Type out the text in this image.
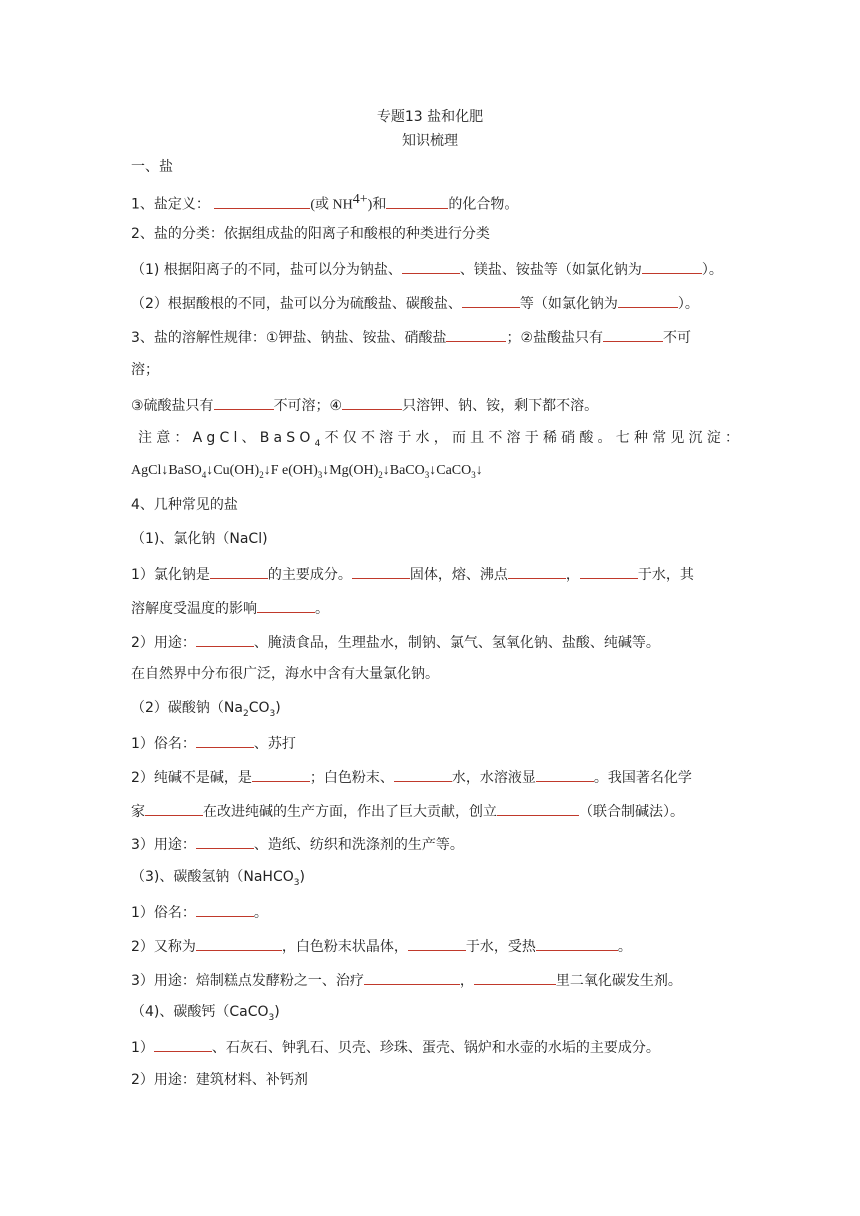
专题13 盐和化肥
知识梳理
一、盐
1、盐定义：	(或 $NH^{4+}$)和	的化合物。
2、盐的分类：依据组成盐的阳离子和酸根的种类进行分类
（1) 根据阳离子的不同，盐可以分为钠盐、	、镁盐、铵盐等（如氯化钠为	）。
（2）根据酸根的不同，盐可以分为硫酸盐、碳酸盐、	等（如氯化钠为	）。
3、盐的溶解性规律：①钾盐、钠盐、铵盐、硝酸盐	；②盐酸盐只有	不可
溶；
③硫酸盐只有	不可溶；④	只溶钾、钠、铵，剩下都不溶。
注意：AgCl、BaSO$_4$不仅不溶于水，而且不溶于稀硝酸。七种常见沉淀：
$AgCl↓BaSO_4↓Cu(OH)_2↓F$ $e(OH)_3↓Mg(OH)_2↓BaCO_3↓CaCO_3↓$
4、几种常见的盐
（1)、氯化钠（NaCl)
1）氯化钠是	的主要成分。	固体，熔、沸点	，	于水，其
溶解度受温度的影响	。
2）用途：	、腌渍食品，生理盐水，制钠、氯气、氢氧化钠、盐酸、纯碱等。
在自然界中分布很广泛，海水中含有大量氯化钠。
（2）碳酸钠$(Na_2CO_3)$
1）俗名：	、苏打
2）纯碱不是碱，是	；白色粉末、	水，水溶液显	。我国著名化学
家	在改进纯碱的生产方面，作出了巨大贡献，创立	（联合制碱法）。
3）用途：	、造纸、纺织和洗涤剂的生产等。
（3)、碳酸氢钠（NaHCO$_3$)
1）俗名：	。
2）又称为	，白色粉末状晶体，	于水，受热	。
3）用途：焙制糕点发酵粉之一、治疗	，	里二氧化碳发生剂。
（4)、碳酸钙（CaCO$_3$)
1）	、石灰石、钟乳石、贝壳、珍珠、蛋壳、锅炉和水壶的水垢的主要成分。
2）用途：建筑材料、补钙剂
